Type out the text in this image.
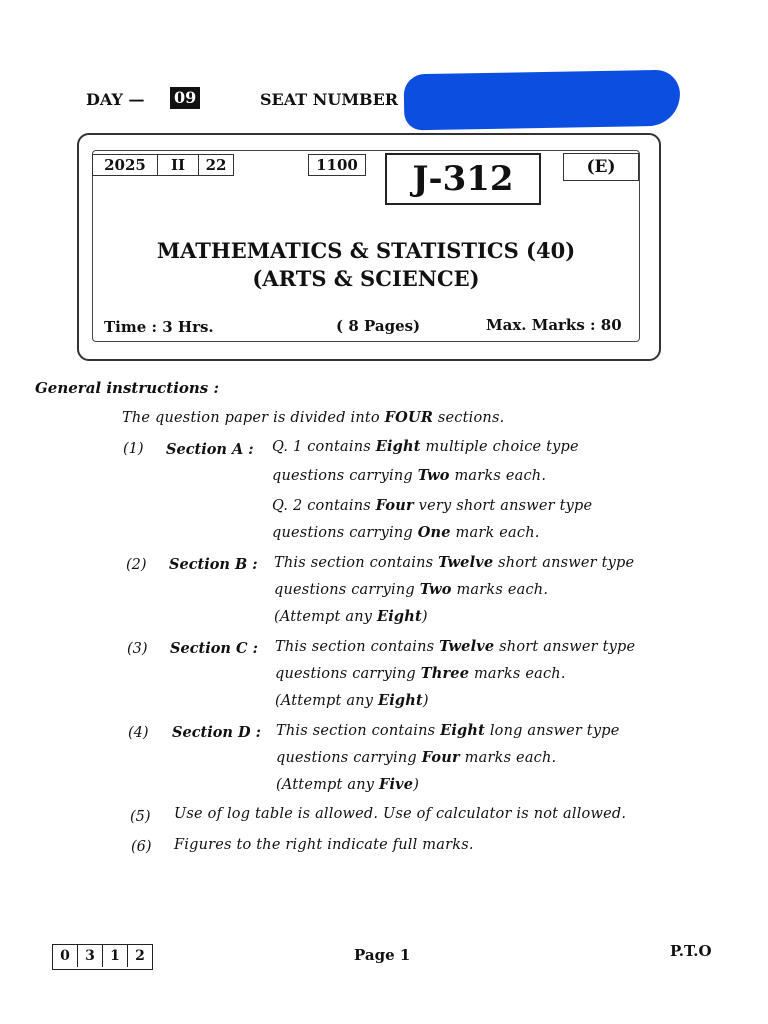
DAY — 09	SEAT NUMBER
2025	II	22	1100	J-312	(E)
MATHEMATICS & STATISTICS (40)
(ARTS & SCIENCE)
Time : 3 Hrs.	( 8 Pages)	Max. Marks : 80
General instructions :
The question paper is divided into FOUR sections.
(1) Section A : Q. 1 contains Eight multiple choice type
questions carrying Two marks each.
Q. 2 contains Four very short answer type
questions carrying One mark each.
(2) Section B : This section contains Twelve short answer type
questions carrying Two marks each.
(Attempt any Eight)
(3) Section C : This section contains Twelve short answer type
questions carrying Three marks each.
(Attempt any Eight)
(4) Section D : This section contains Eight long answer type
questions carrying Four marks each.
(Attempt any Five)
(5) Use of log table is allowed. Use of calculator is not allowed.
(6) Figures to the right indicate full marks.
0	3	1	2	Page 1	P.T.O
